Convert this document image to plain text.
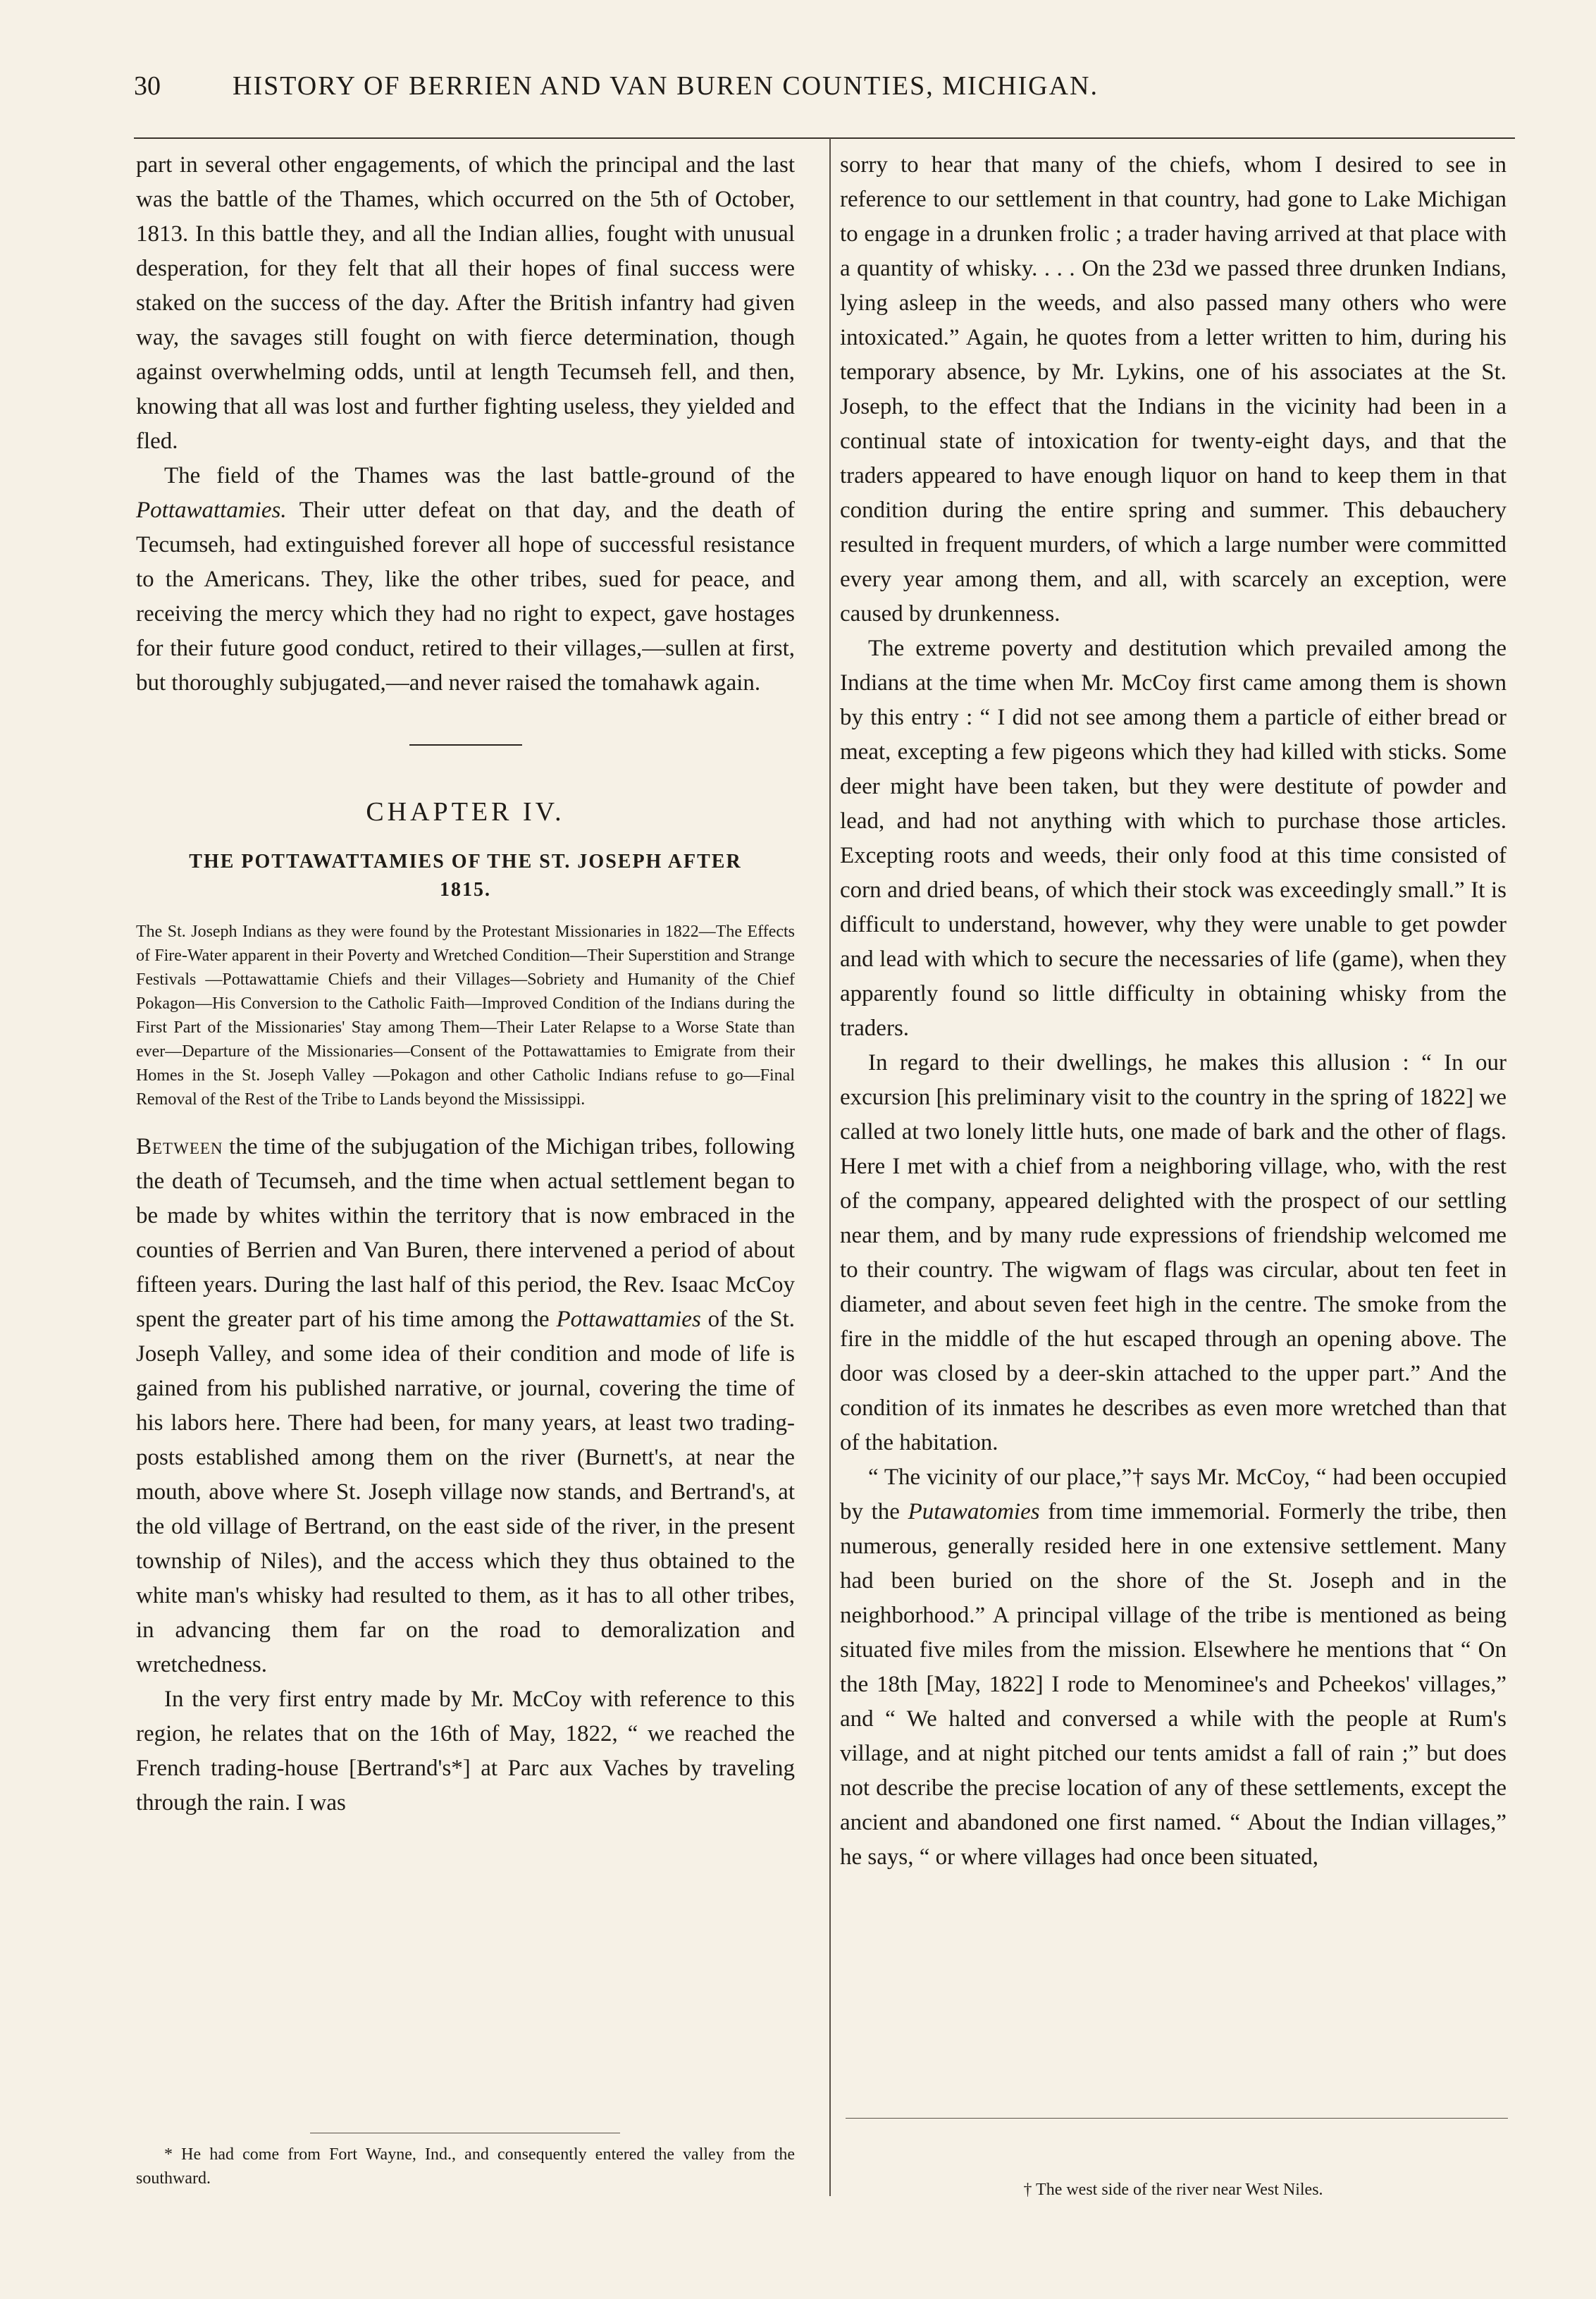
30	HISTORY OF BERRIEN AND VAN BUREN COUNTIES, MICHIGAN.

part in several other engagements, of which the principal and the last was the battle of the Thames, which occurred on the 5th of October, 1813. In this battle they, and all the Indian allies, fought with unusual desperation, for they felt that all their hopes of final success were staked on the success of the day. After the British infantry had given way, the savages still fought on with fierce determination, though against overwhelming odds, until at length Tecumseh fell, and then, knowing that all was lost and further fighting useless, they yielded and fled.

The field of the Thames was the last battle-ground of the Pottawattamies. Their utter defeat on that day, and the death of Tecumseh, had extinguished forever all hope of successful resistance to the Americans. They, like the other tribes, sued for peace, and receiving the mercy which they had no right to expect, gave hostages for their future good conduct, retired to their villages,—sullen at first, but thoroughly subjugated,—and never raised the tomahawk again.

CHAPTER IV.
THE POTTAWATTAMIES OF THE ST. JOSEPH AFTER 1815.
The St. Joseph Indians as they were found by the Protestant Missionaries in 1822—The Effects of Fire-Water apparent in their Poverty and Wretched Condition—Their Superstition and Strange Festivals —Pottawattamie Chiefs and their Villages—Sobriety and Humanity of the Chief Pokagon—His Conversion to the Catholic Faith—Improved Condition of the Indians during the First Part of the Missionaries' Stay among Them—Their Later Relapse to a Worse State than ever—Departure of the Missionaries—Consent of the Pottawattamies to Emigrate from their Homes in the St. Joseph Valley —Pokagon and other Catholic Indians refuse to go—Final Removal of the Rest of the Tribe to Lands beyond the Mississippi.

Between the time of the subjugation of the Michigan tribes, following the death of Tecumseh, and the time when actual settlement began to be made by whites within the territory that is now embraced in the counties of Berrien and Van Buren, there intervened a period of about fifteen years. During the last half of this period, the Rev. Isaac McCoy spent the greater part of his time among the Pottawattamies of the St. Joseph Valley, and some idea of their condition and mode of life is gained from his published narrative, or journal, covering the time of his labors here. There had been, for many years, at least two trading-posts established among them on the river (Burnett's, at near the mouth, above where St. Joseph village now stands, and Bertrand's, at the old village of Bertrand, on the east side of the river, in the present township of Niles), and the access which they thus obtained to the white man's whisky had resulted to them, as it has to all other tribes, in advancing them far on the road to demoralization and wretchedness.

In the very first entry made by Mr. McCoy with reference to this region, he relates that on the 16th of May, 1822, “ we reached the French trading-house [Bertrand's*] at Parc aux Vaches by traveling through the rain. I was

* He had come from Fort Wayne, Ind., and consequently entered the valley from the southward.

sorry to hear that many of the chiefs, whom I desired to see in reference to our settlement in that country, had gone to Lake Michigan to engage in a drunken frolic ; a trader having arrived at that place with a quantity of whisky. . . . On the 23d we passed three drunken Indians, lying asleep in the weeds, and also passed many others who were intoxicated.” Again, he quotes from a letter written to him, during his temporary absence, by Mr. Lykins, one of his associates at the St. Joseph, to the effect that the Indians in the vicinity had been in a continual state of intoxication for twenty-eight days, and that the traders appeared to have enough liquor on hand to keep them in that condition during the entire spring and summer. This debauchery resulted in frequent murders, of which a large number were committed every year among them, and all, with scarcely an exception, were caused by drunkenness.

The extreme poverty and destitution which prevailed among the Indians at the time when Mr. McCoy first came among them is shown by this entry : “ I did not see among them a particle of either bread or meat, excepting a few pigeons which they had killed with sticks. Some deer might have been taken, but they were destitute of powder and lead, and had not anything with which to purchase those articles. Excepting roots and weeds, their only food at this time consisted of corn and dried beans, of which their stock was exceedingly small.” It is difficult to understand, however, why they were unable to get powder and lead with which to secure the necessaries of life (game), when they apparently found so little difficulty in obtaining whisky from the traders.

In regard to their dwellings, he makes this allusion : “ In our excursion [his preliminary visit to the country in the spring of 1822] we called at two lonely little huts, one made of bark and the other of flags. Here I met with a chief from a neighboring village, who, with the rest of the company, appeared delighted with the prospect of our settling near them, and by many rude expressions of friendship welcomed me to their country. The wigwam of flags was circular, about ten feet in diameter, and about seven feet high in the centre. The smoke from the fire in the middle of the hut escaped through an opening above. The door was closed by a deer-skin attached to the upper part.” And the condition of its inmates he describes as even more wretched than that of the habitation.

“ The vicinity of our place,”† says Mr. McCoy, “ had been occupied by the Putawatomies from time immemorial. Formerly the tribe, then numerous, generally resided here in one extensive settlement. Many had been buried on the shore of the St. Joseph and in the neighborhood.” A principal village of the tribe is mentioned as being situated five miles from the mission. Elsewhere he mentions that “ On the 18th [May, 1822] I rode to Menominee's and Pcheekos' villages,” and “ We halted and conversed a while with the people at Rum's village, and at night pitched our tents amidst a fall of rain ;” but does not describe the precise location of any of these settlements, except the ancient and abandoned one first named. “ About the Indian villages,” he says, “ or where villages had once been situated,

† The west side of the river near West Niles.
